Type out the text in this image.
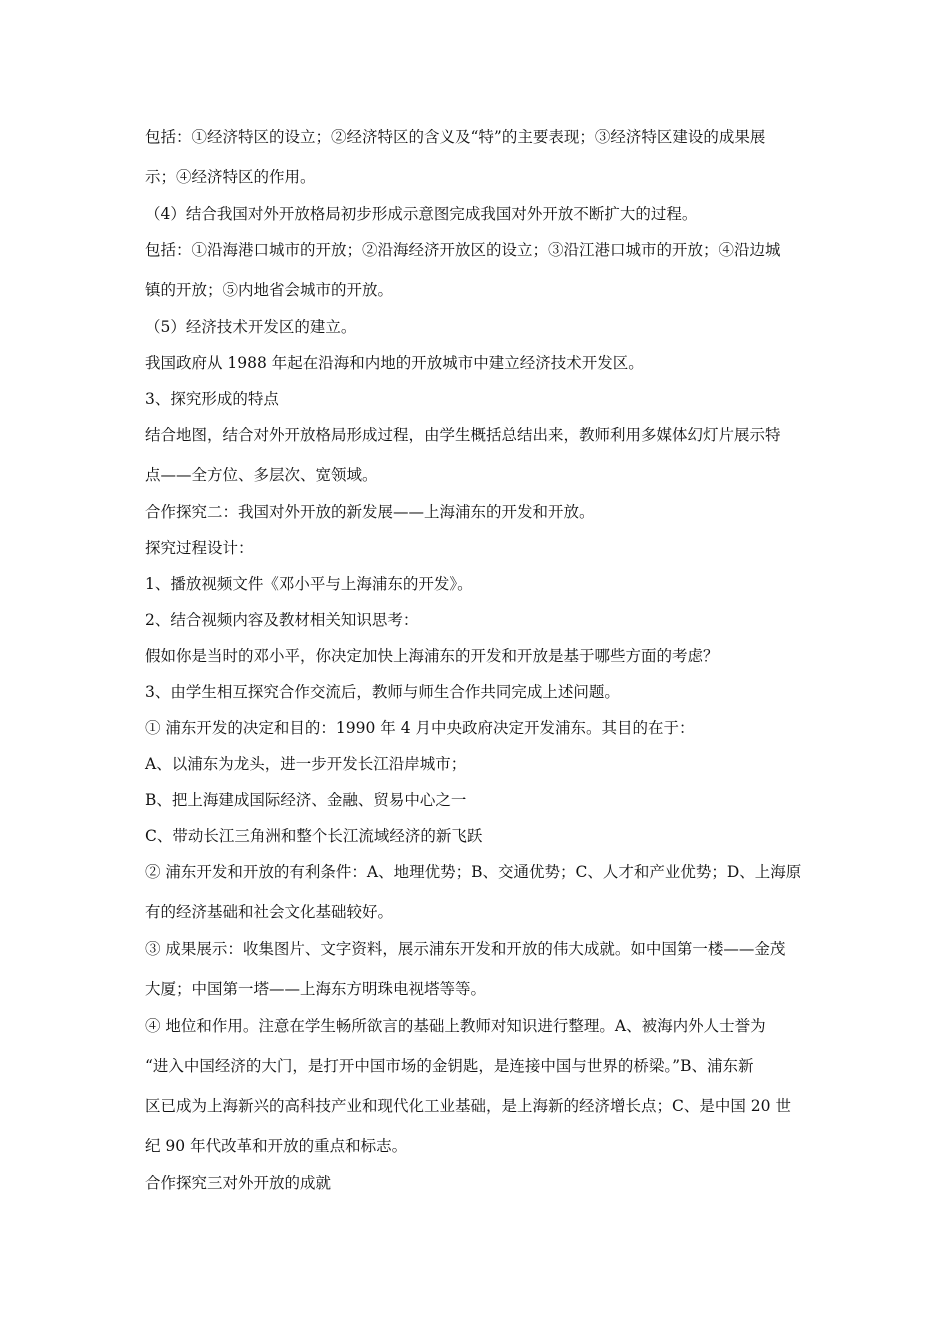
包括：①经济特区的设立；②经济特区的含义及“特”的主要表现；③经济特区建设的成果展
示；④经济特区的作用。
（4）结合我国对外开放格局初步形成示意图完成我国对外开放不断扩大的过程。
包括：①沿海港口城市的开放；②沿海经济开放区的设立；③沿江港口城市的开放；④沿边城
镇的开放；⑤内地省会城市的开放。
（5）经济技术开发区的建立。
我国政府从 1988 年起在沿海和内地的开放城市中建立经济技术开发区。
3、探究形成的特点
结合地图，结合对外开放格局形成过程，由学生概括总结出来，教师利用多媒体幻灯片展示特
点——全方位、多层次、宽领域。
合作探究二：我国对外开放的新发展——上海浦东的开发和开放。
探究过程设计：
1、播放视频文件《邓小平与上海浦东的开发》。
2、结合视频内容及教材相关知识思考：
假如你是当时的邓小平，你决定加快上海浦东的开发和开放是基于哪些方面的考虑？
3、由学生相互探究合作交流后，教师与师生合作共同完成上述问题。
① 浦东开发的决定和目的：1990 年 4 月中央政府决定开发浦东。其目的在于：
A、以浦东为龙头，进一步开发长江沿岸城市；
B、把上海建成国际经济、金融、贸易中心之一
C、带动长江三角洲和整个长江流域经济的新飞跃
② 浦东开发和开放的有利条件：A、地理优势；B、交通优势；C、人才和产业优势；D、上海原
有的经济基础和社会文化基础较好。
③ 成果展示：收集图片、文字资料，展示浦东开发和开放的伟大成就。如中国第一楼——金茂
大厦；中国第一塔——上海东方明珠电视塔等等。
④ 地位和作用。注意在学生畅所欲言的基础上教师对知识进行整理。A、被海内外人士誉为
“进入中国经济的大门，是打开中国市场的金钥匙，是连接中国与世界的桥梁。”B、浦东新
区已成为上海新兴的高科技产业和现代化工业基础，是上海新的经济增长点；C、是中国 20 世
纪 90 年代改革和开放的重点和标志。
合作探究三对外开放的成就
